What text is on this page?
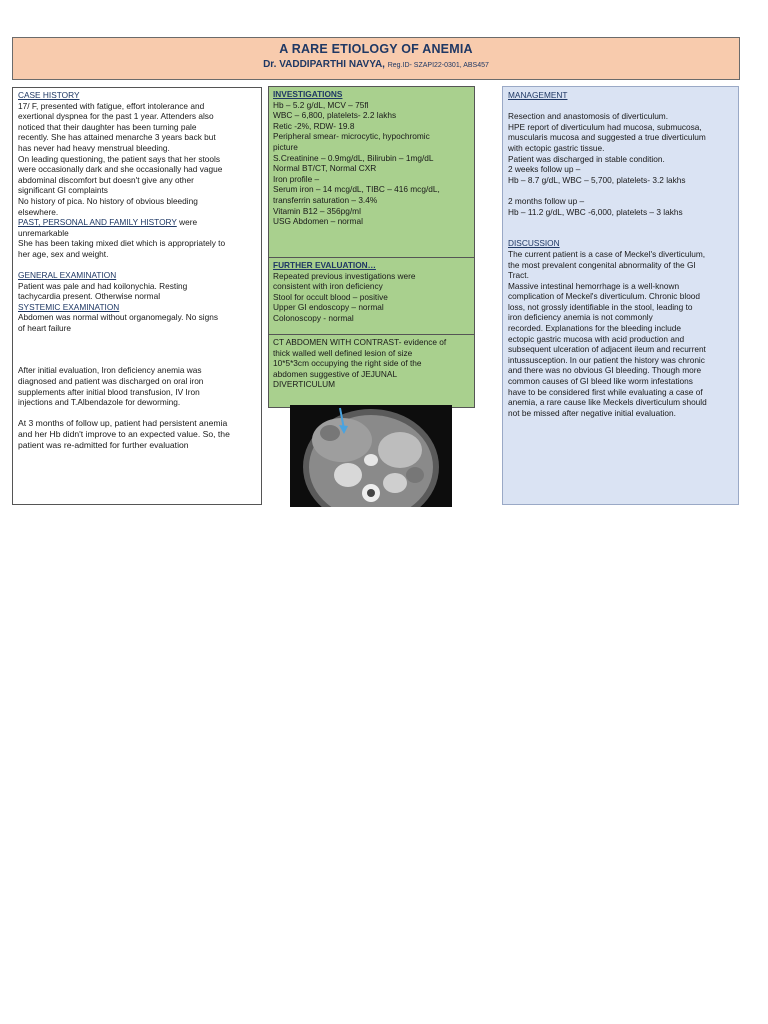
A RARE ETIOLOGY OF ANEMIA
Dr. VADDIPARTHI NAVYA, Reg.ID- SZAPI22-0301, ABS457

CASE HISTORY

17/ F, presented with fatigue, effort intolerance and

exertional dyspnea for the past 1 year. Attenders also

noticed that their daughter has been turning pale

recently. She has attained menarche 3 years back but

has never had heavy menstrual bleeding.

On leading questioning, the patient says that her stools

were occasionally dark and she occasionally had vague

abdominal discomfort but doesn't give any other

significant GI complaints

No history of pica. No history of obvious bleeding

elsewhere.

PAST, PERSONAL AND FAMILY HISTORY were

unremarkable

She has been taking mixed diet which is appropriately to

her age, sex and weight.

GENERAL EXAMINATION

Patient was pale and had koilonychia. Resting

tachycardia present. Otherwise normal

SYSTEMIC EXAMINATION

Abdomen was normal without organomegaly. No signs

of heart failure

After initial evaluation, Iron deficiency anemia was

diagnosed and patient was discharged on oral iron

supplements after initial blood transfusion, IV Iron

injections and T.Albendazole for deworming.

At 3 months of follow up, patient had persistent anemia

and her Hb didn't improve to an expected value. So, the

patient was re-admitted for further evaluation

INVESTIGATIONS

Hb – 5.2 g/dL, MCV – 75fl

WBC – 6,800, platelets- 2.2 lakhs

Retic -2%, RDW- 19.8

Peripheral smear- microcytic, hypochromic

picture

S.Creatinine – 0.9mg/dL, Bilirubin – 1mg/dL

Normal BT/CT, Normal CXR

Iron profile –

Serum iron – 14 mcg/dL, TIBC – 416 mcg/dL,

transferrin saturation – 3.4%

Vitamin B12 – 356pg/ml

USG Abdomen – normal

FURTHER EVALUATION…

Repeated previous investigations were

consistent with iron deficiency

Stool for occult blood – positive

Upper GI endoscopy – normal

Colonoscopy - normal

CT ABDOMEN WITH CONTRAST- evidence of

thick walled well defined lesion of size

10*5*3cm occupying the right side of the

abdomen suggestive of JEJUNAL

DIVERTICULUM

MANAGEMENT

Resection and anastomosis of diverticulum.

HPE report of diverticulum had mucosa, submucosa,

muscularis mucosa and suggested a true diverticulum

with ectopic gastric tissue.

Patient was discharged in stable condition.

2 weeks follow up –

Hb – 8.7 g/dL, WBC – 5,700, platelets- 3.2 lakhs

2 months follow up –

Hb – 11.2 g/dL, WBC -6,000, platelets – 3 lakhs

DISCUSSION

The current patient is a case of Meckel's diverticulum,

the most prevalent congenital abnormality of the GI

Tract.

Massive intestinal hemorrhage is a well-known

complication of Meckel's diverticulum. Chronic blood

loss, not grossly identifiable in the stool, leading to

iron deficiency anemia is not commonly

recorded. Explanations for the bleeding include

ectopic gastric mucosa with acid production and

subsequent ulceration of adjacent ileum and recurrent

intussusception. In our patient the history was chronic

and there was no obvious GI bleeding. Though more

common causes of GI bleed like worm infestations

have to be considered first while evaluating a case of

anemia, a rare cause like Meckels diverticulum should

not be missed after negative initial evaluation.
